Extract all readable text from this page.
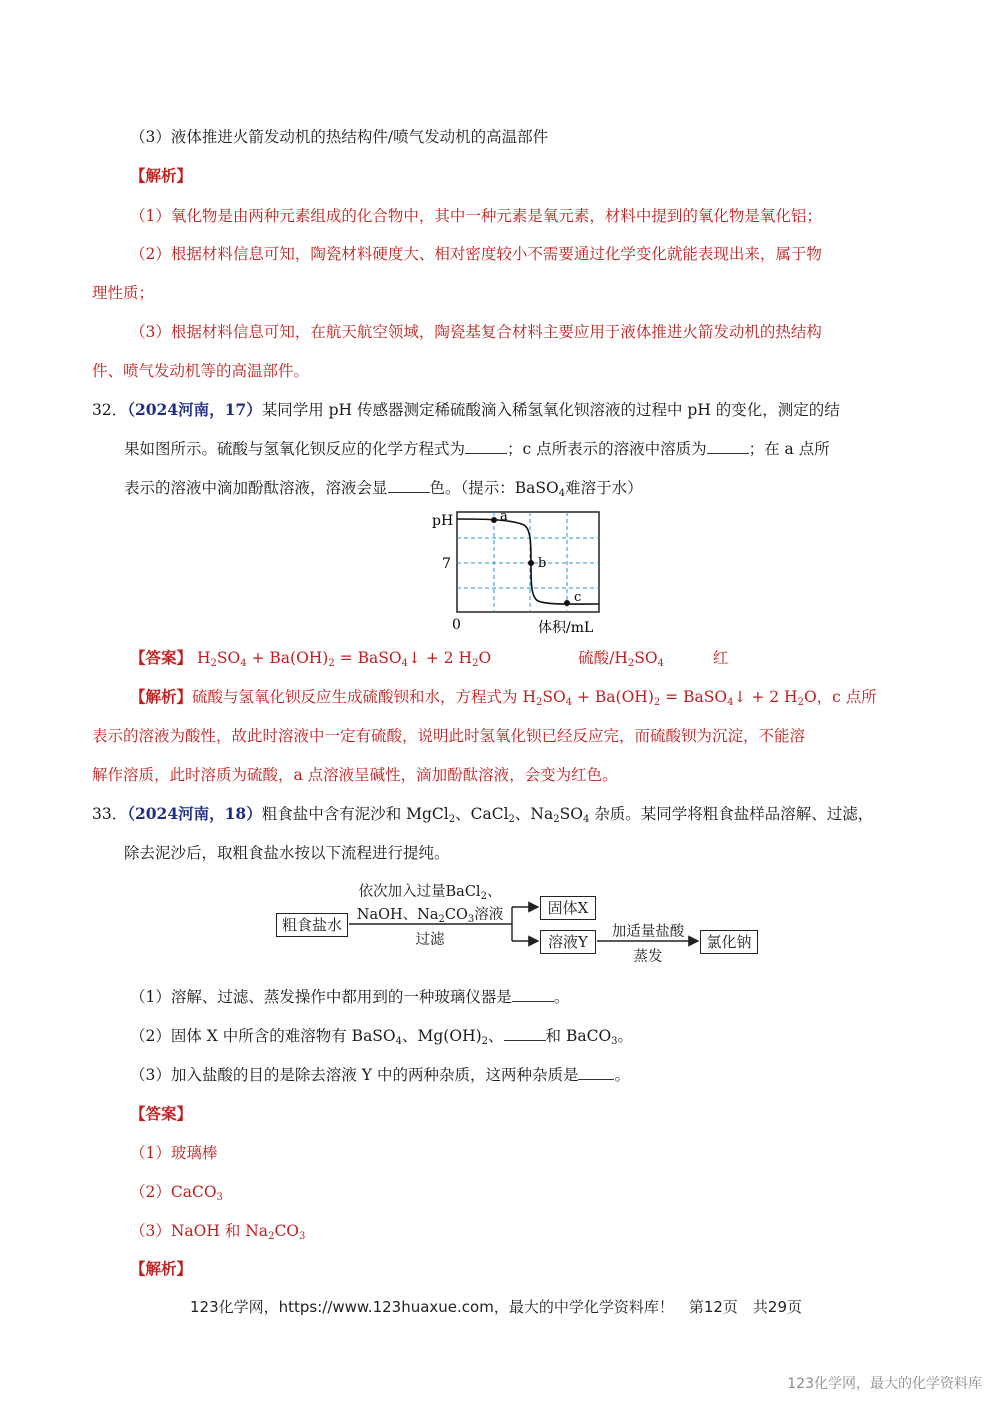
（3）液体推进火箭发动机的热结构件/喷气发动机的高温部件
【解析】
（1）氧化物是由两种元素组成的化合物中，其中一种元素是氧元素，材料中提到的氧化物是氧化铝；
（2）根据材料信息可知，陶瓷材料硬度大、相对密度较小不需要通过化学变化就能表现出来，属于物
理性质；
（3）根据材料信息可知，在航天航空领域，陶瓷基复合材料主要应用于液体推进火箭发动机的热结构
件、喷气发动机等的高温部件。
32．（2024河南，17）某同学用 pH 传感器测定稀硫酸滴入稀氢氧化钡溶液的过程中 pH 的变化，测定的结
果如图所示。硫酸与氢氧化钡反应的化学方程式为	；c 点所表示的溶液中溶质为	；在 a 点所
表示的溶液中滴加酚酞溶液，溶液会显	色。（提示：BaSO$_4$难溶于水）
a
b
c
pH
7
0	体积/mL
【答案】 $H_2SO_4 + Ba(OH)_2$ = BaSO$_4$↓ + 2 $H_2O$	硫酸$/H_2SO_4$	红
【解析】硫酸与氢氧化钡反应生成硫酸钡和水，方程式为 $H_2SO_4 + Ba(OH)_2$ = BaSO$_4$↓ + 2 $H_2O$，c 点所
表示的溶液为酸性，故此时溶液中一定有硫酸，说明此时氢氧化钡已经反应完，而硫酸钡为沉淀，不能溶
解作溶质，此时溶质为硫酸，a 点溶液呈碱性，滴加酚酞溶液，会变为红色。
33．（2024河南，18）粗食盐中含有泥沙和 MgCl$_2$、CaCl$_2$、$Na_2SO_4$ 杂质。某同学将粗食盐样品溶解、过滤，
除去泥沙后，取粗食盐水按以下流程进行提纯。
粗食盐水
依次加入过量BaCl$_2$、
NaOH、$Na_2CO_3$溶液
过滤
固体X
溶液Y
加适量盐酸
蒸发
氯化钠
（1）溶解、过滤、蒸发操作中都用到的一种玻璃仪器是	。
（2）固体 X 中所含的难溶物有 BaSO$_4$、$Mg(OH)_2$、	和 BaCO$_3$。
（3）加入盐酸的目的是除去溶液 Y 中的两种杂质，这两种杂质是 。
【答案】
（1）玻璃棒
（2）CaCO$_3$
（3）NaOH 和 $Na_2CO_3$
【解析】
123化学网，https://www.123huaxue.com，最大的中学化学资料库！　第12页　共29页
123化学网，最大的化学资料库
